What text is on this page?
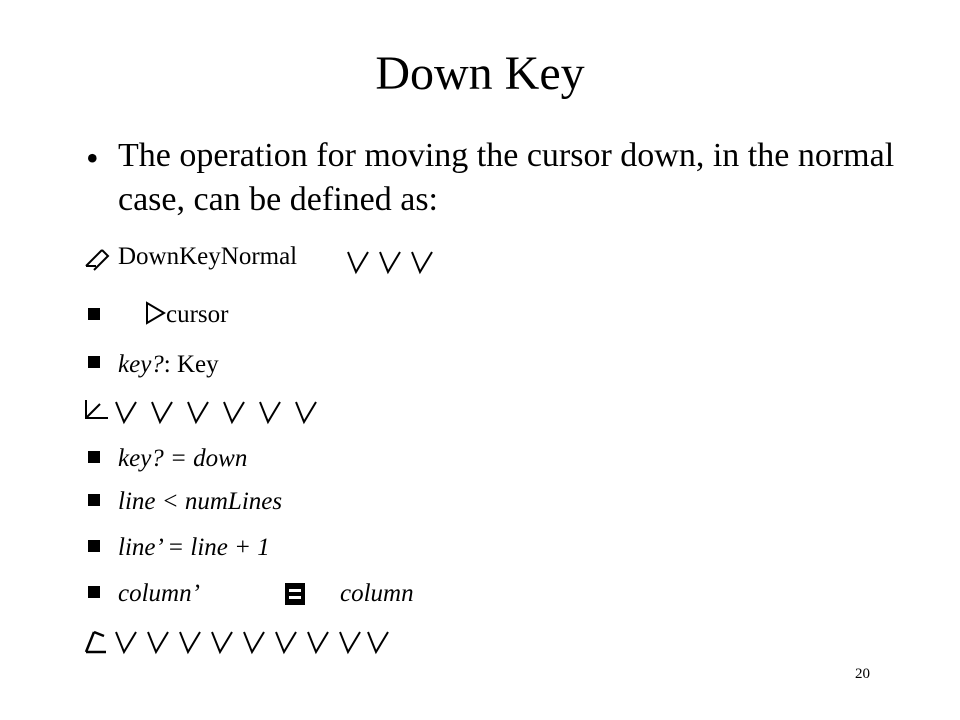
Down Key
• The operation for moving the cursor down, in the normal case, can be defined as:
DownKeyNormal
cursor
key?: Key
key? = down
line < numLines
line’ = line + 1
column’	column
20
